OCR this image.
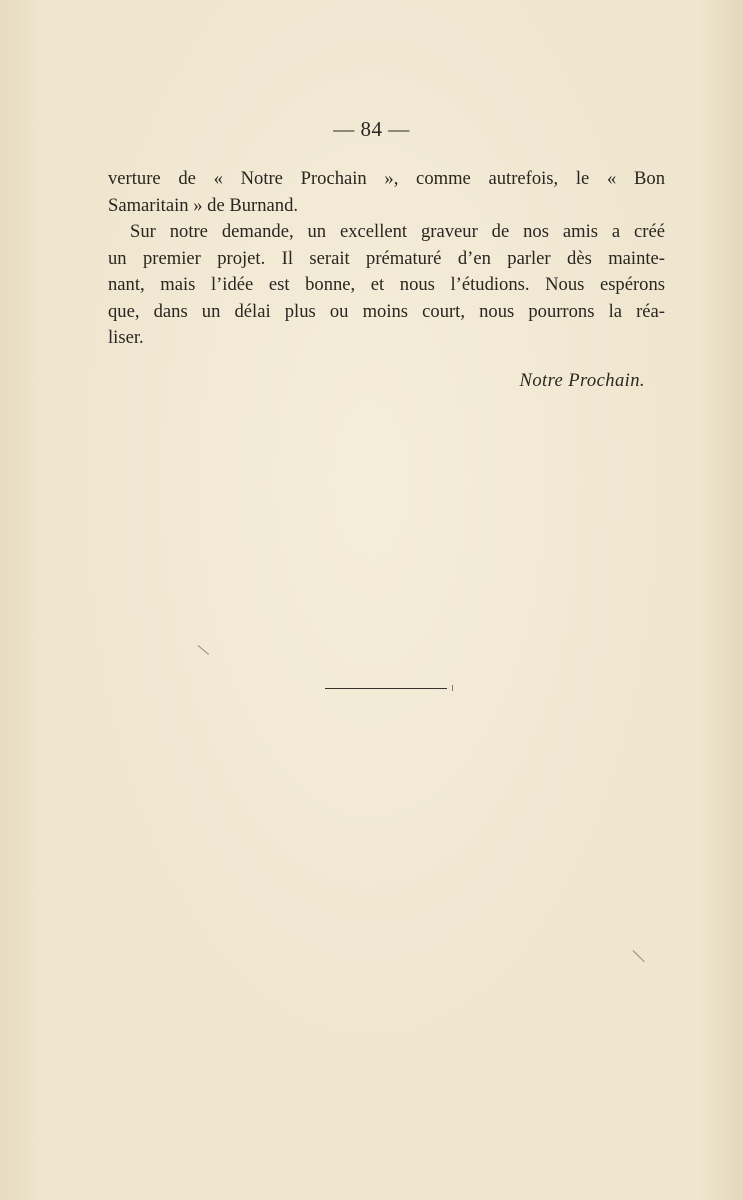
— 84 —
verture de « Notre Prochain », comme autrefois, le « Bon
Samaritain » de Burnand.
Sur notre demande, un excellent graveur de nos amis a créé
un premier projet. Il serait prématuré d’en parler dès mainte-
nant, mais l’idée est bonne, et nous l’étudions. Nous espérons
que, dans un délai plus ou moins court, nous pourrons la réa-
liser.
Notre Prochain.
